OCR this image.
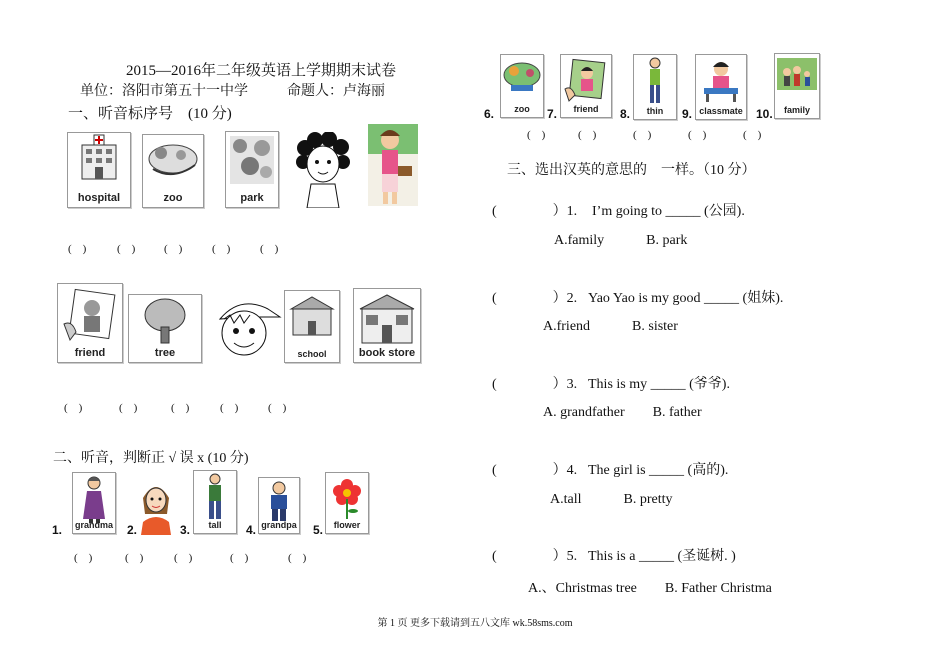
2015—2016年二年级英语上学期期末试卷
单位：洛阳市第五十一中学	命题人：卢海丽
一、听音标序号　(10 分)
hospital	zoo	park
(　)	(　)	(　)	(　)	(　)
friend	tree	school	book store
(　)	(　)	(　)	(　)	(　)
二、听音，判断正 √ 误 x (10 分)
1. grandma 2.	3.	tall	4. grandpa 5.	flower
(　)	(　)	(　)	(　)	(　)
6.	zoo	7.	friend	8.	thin	9. classmate 10.	family
(　)	(　)	(　)	(　)	(　)
三、选出汉英的意思的　一样。（10 分）
(　　　　）1. I’m going to _____ (公园).
A.family　　　B. park
(　　　　）2. Yao Yao is my good _____ (姐妹).
A.friend　　　B. sister
(　　　　）3. This is my _____ (爷爷).
A. grandfather　　B. father
(　　　　）4. The girl is _____ (高的).
A.tall　　　B. pretty
(　　　　）5. This is a _____ (圣诞树. )
A.、Christmas tree　　B. Father Christma
第 1 页 更多下载请到五八文库 wk.58sms.com
